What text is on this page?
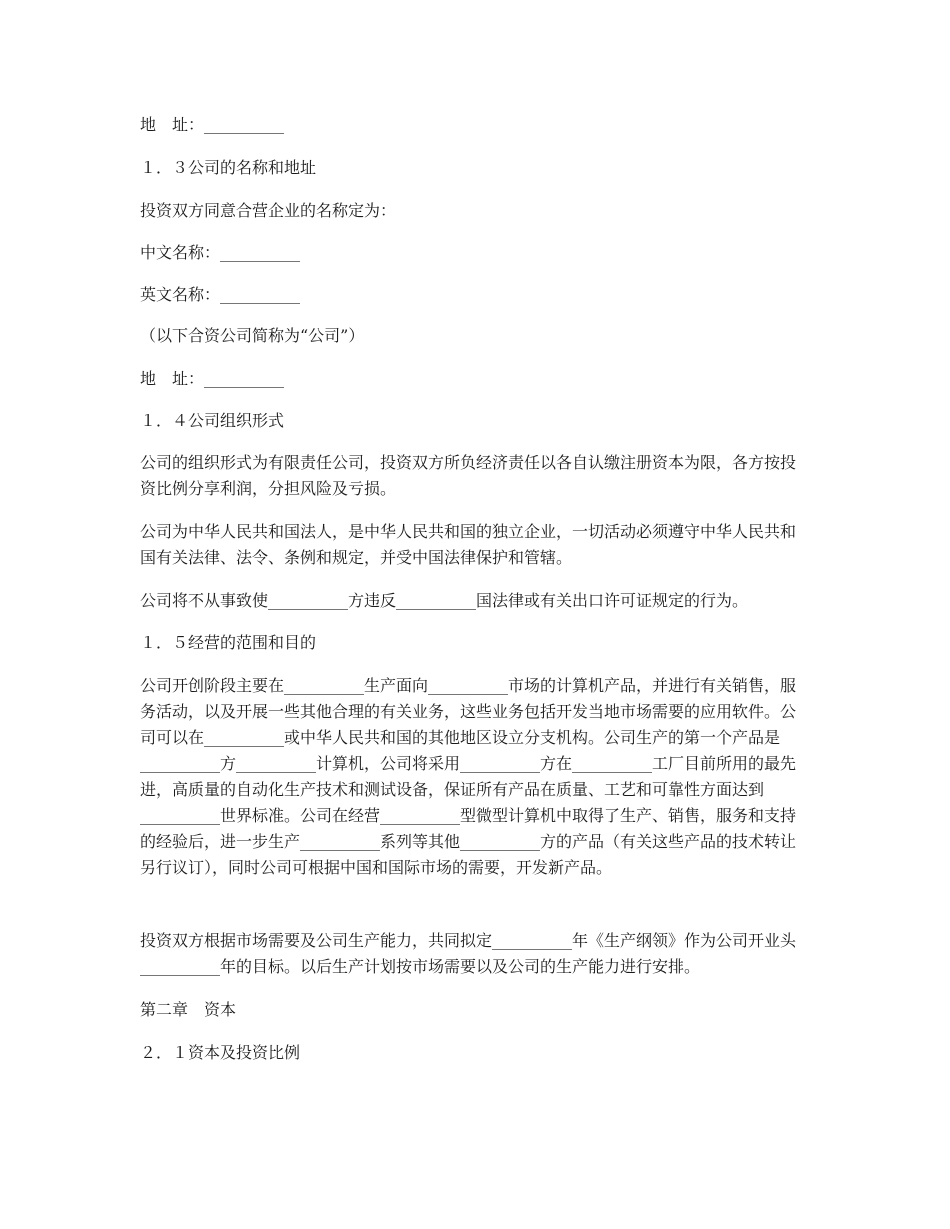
地　址：__________

１．３公司的名称和地址

投资双方同意合营企业的名称定为：

中文名称：__________

英文名称：__________

（以下合资公司简称为“公司”）

地　址：__________

１．４公司组织形式

公司的组织形式为有限责任公司，投资双方所负经济责任以各自认缴注册资本为限，各方按投资比例分享利润，分担风险及亏损。

公司为中华人民共和国法人，是中华人民共和国的独立企业，一切活动必须遵守中华人民共和国有关法律、法令、条例和规定，并受中国法律保护和管辖。

公司将不从事致使__________方违反__________国法律或有关出口许可证规定的行为。

１．５经营的范围和目的

公司开创阶段主要在__________生产面向__________市场的计算机产品，并进行有关销售，服务活动，以及开展一些其他合理的有关业务，这些业务包括开发当地市场需要的应用软件。公司可以在__________或中华人民共和国的其他地区设立分支机构。公司生产的第一个产品是__________方__________计算机，公司将采用__________方在__________工厂目前所用的最先进，高质量的自动化生产技术和测试设备，保证所有产品在质量、工艺和可靠性方面达到__________世界标准。公司在经营__________型微型计算机中取得了生产、销售，服务和支持的经验后，进一步生产__________系列等其他__________方的产品（有关这些产品的技术转让另行议订），同时公司可根据中国和国际市场的需要，开发新产品。

投资双方根据市场需要及公司生产能力，共同拟定__________年《生产纲领》作为公司开业头__________年的目标。以后生产计划按市场需要以及公司的生产能力进行安排。

第二章　资本

２．１资本及投资比例
